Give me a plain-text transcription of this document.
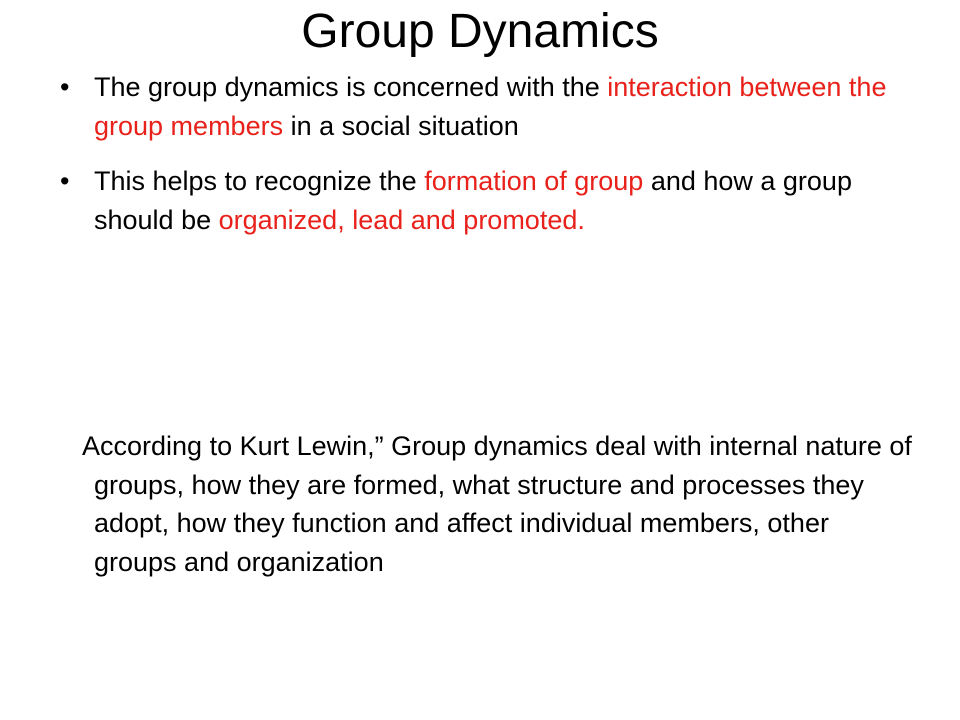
Group Dynamics
• The group dynamics is concerned with the interaction between the group members in a social situation
• This helps to recognize the formation of group and how a group should be organized, lead and promoted.

According to Kurt Lewin,” Group dynamics deal with internal nature of groups, how they are formed, what structure and processes they adopt, how they function and affect individual members, other groups and organization
